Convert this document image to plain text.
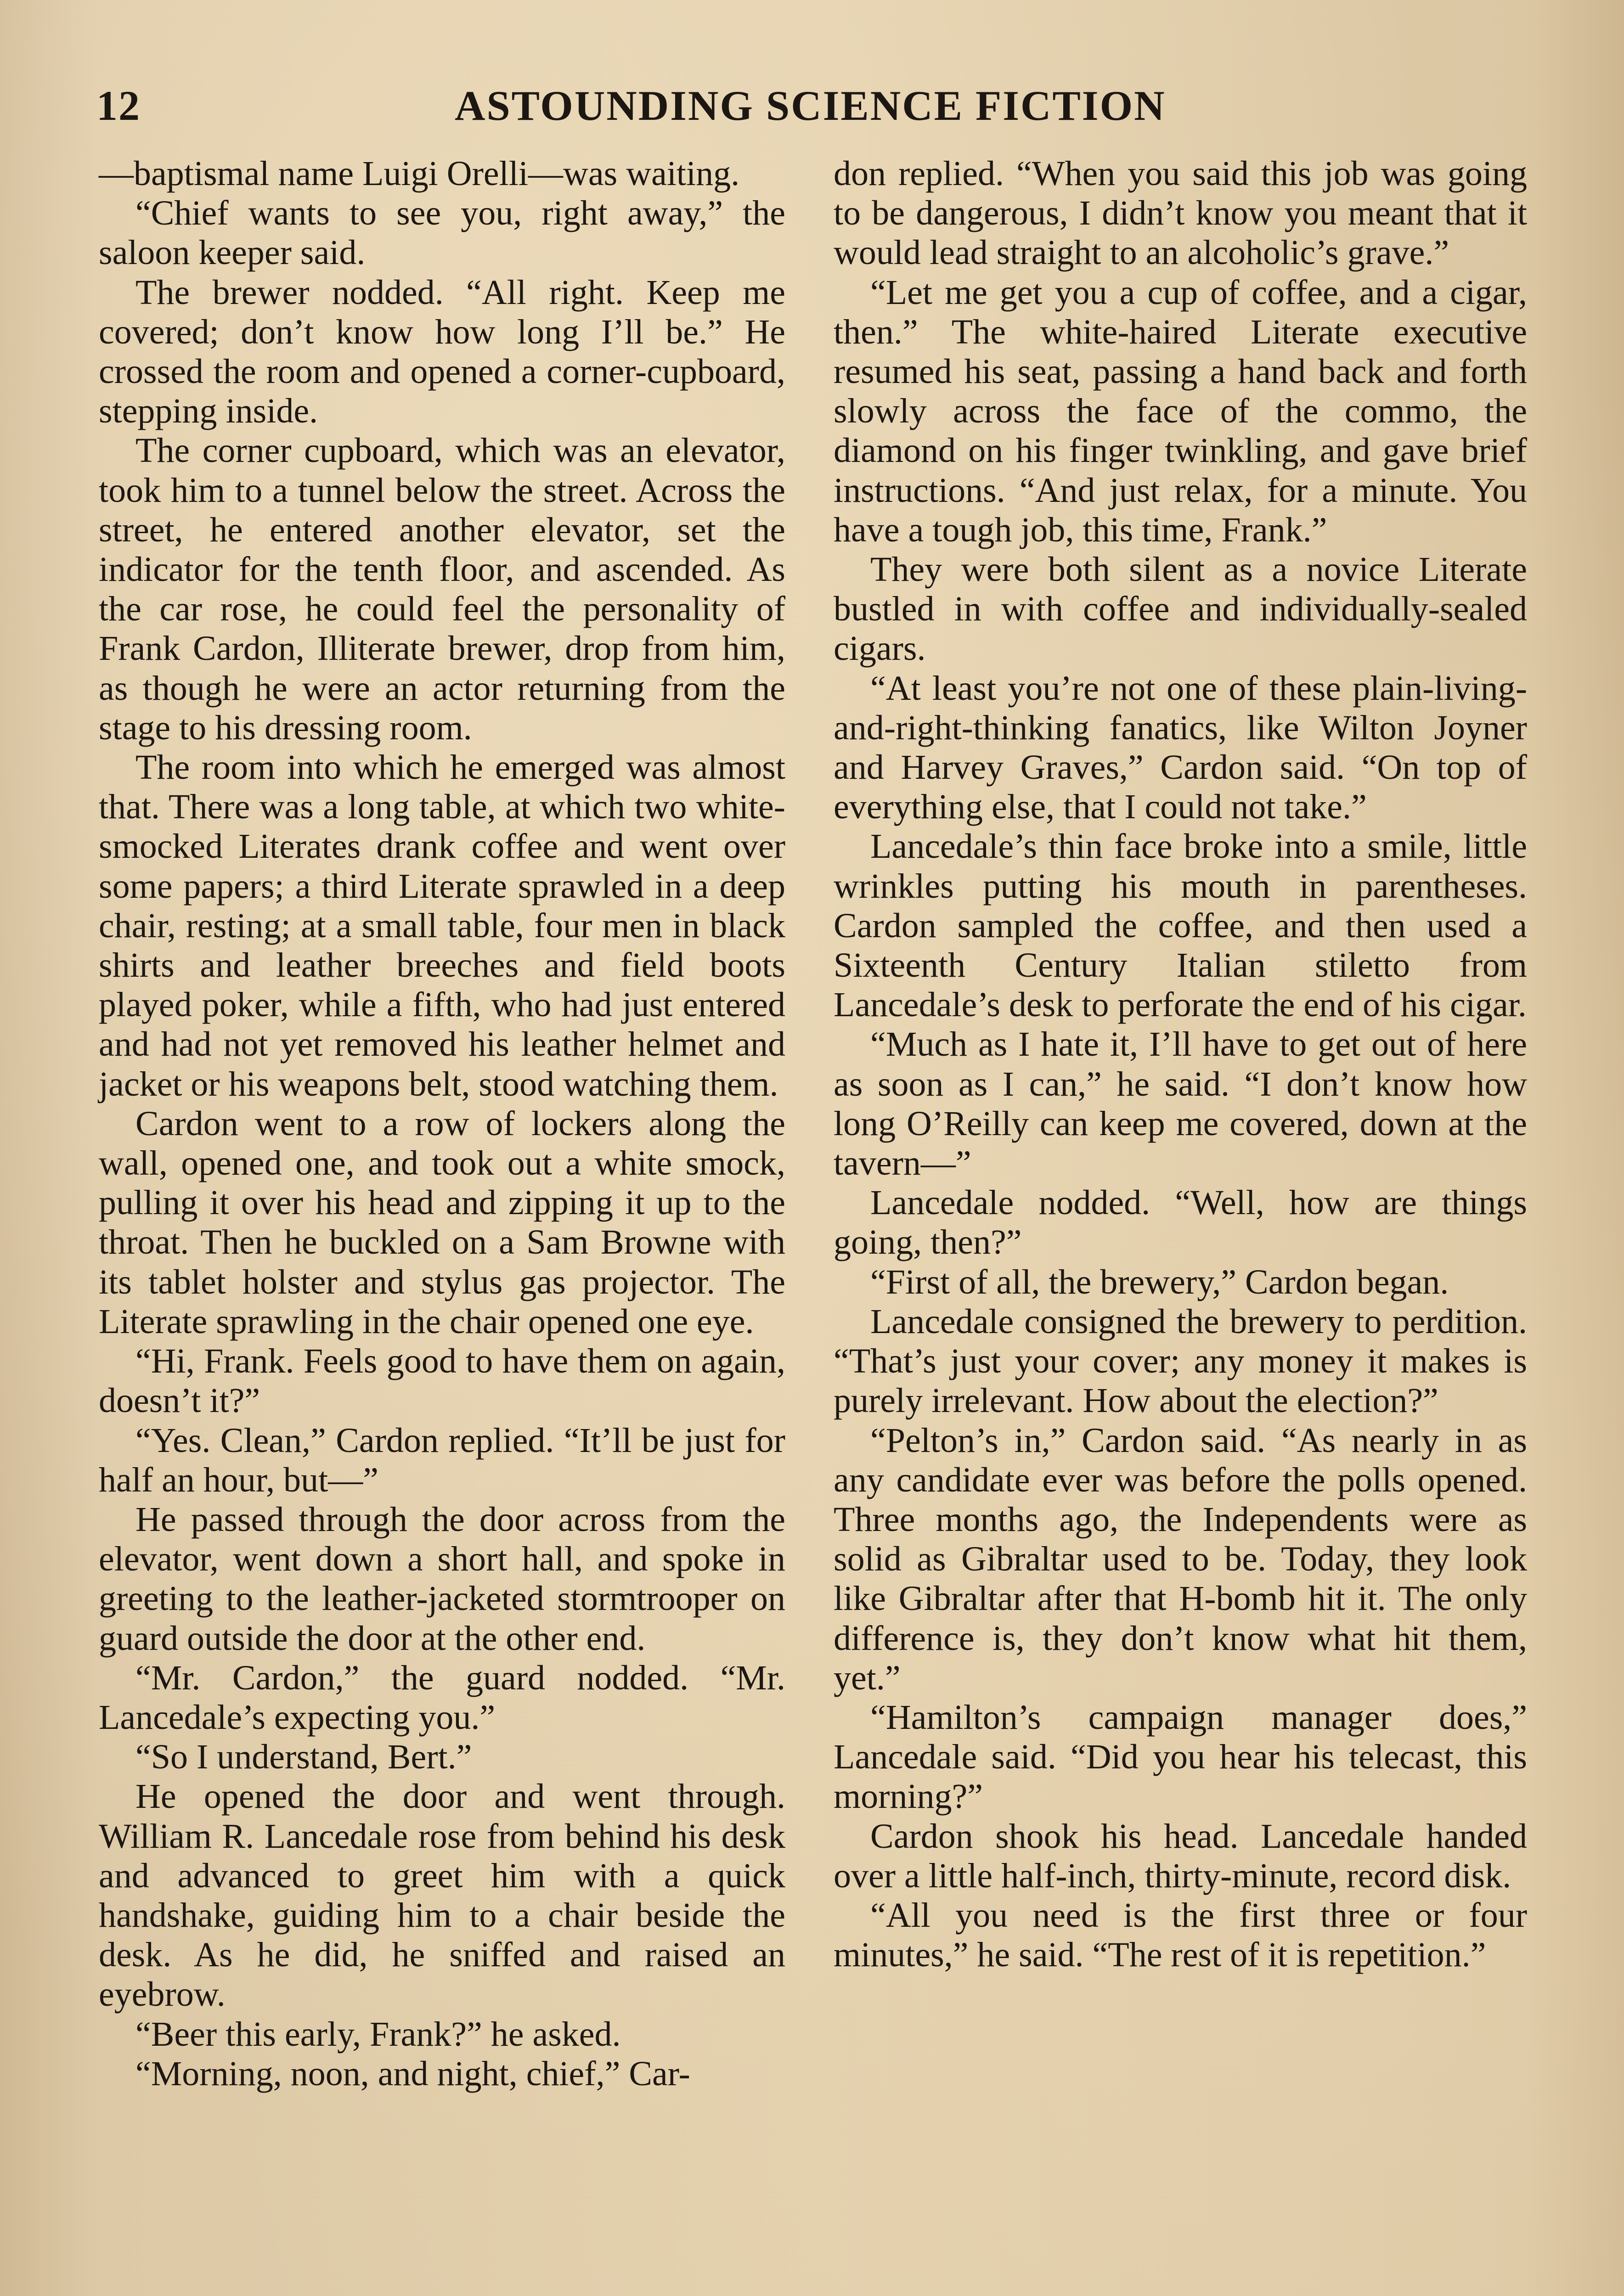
12	ASTOUNDING SCIENCE FICTION

—baptismal name Luigi Orelli—was waiting.

“Chief wants to see you, right away,” the saloon keeper said.

The brewer nodded. “All right. Keep me covered; don’t know how long I’ll be.” He crossed the room and opened a corner-cupboard, stepping inside.

The corner cupboard, which was an elevator, took him to a tunnel below the street. Across the street, he entered another elevator, set the indicator for the tenth floor, and ascended. As the car rose, he could feel the personality of Frank Cardon, Illiterate brewer, drop from him, as though he were an actor returning from the stage to his dressing room.

The room into which he emerged was almost that. There was a long table, at which two white-smocked Literates drank coffee and went over some papers; a third Literate sprawled in a deep chair, resting; at a small table, four men in black shirts and leather breeches and field boots played poker, while a fifth, who had just entered and had not yet removed his leather helmet and jacket or his weapons belt, stood watching them.

Cardon went to a row of lockers along the wall, opened one, and took out a white smock, pulling it over his head and zipping it up to the throat. Then he buckled on a Sam Browne with its tablet holster and stylus gas projector. The Literate sprawling in the chair opened one eye.

“Hi, Frank. Feels good to have them on again, doesn’t it?”

“Yes. Clean,” Cardon replied. “It’ll be just for half an hour, but—”

He passed through the door across from the elevator, went down a short hall, and spoke in greeting to the leather-jacketed stormtrooper on guard outside the door at the other end.

“Mr. Cardon,” the guard nodded. “Mr. Lancedale’s expecting you.”

“So I understand, Bert.”

He opened the door and went through. William R. Lancedale rose from behind his desk and advanced to greet him with a quick handshake, guiding him to a chair beside the desk. As he did, he sniffed and raised an eyebrow.

“Beer this early, Frank?” he asked.

“Morning, noon, and night, chief,” Car-

don replied. “When you said this job was going to be dangerous, I didn’t know you meant that it would lead straight to an alcoholic’s grave.”

“Let me get you a cup of coffee, and a cigar, then.” The white-haired Literate executive resumed his seat, passing a hand back and forth slowly across the face of the commo, the diamond on his finger twinkling, and gave brief instructions. “And just relax, for a minute. You have a tough job, this time, Frank.”

They were both silent as a novice Literate bustled in with coffee and individually-sealed cigars.

“At least you’re not one of these plain-living-and-right-thinking fanatics, like Wilton Joyner and Harvey Graves,” Cardon said. “On top of everything else, that I could not take.”

Lancedale’s thin face broke into a smile, little wrinkles putting his mouth in parentheses. Cardon sampled the coffee, and then used a Sixteenth Century Italian stiletto from Lancedale’s desk to perforate the end of his cigar.

“Much as I hate it, I’ll have to get out of here as soon as I can,” he said. “I don’t know how long O’Reilly can keep me covered, down at the tavern—”

Lancedale nodded. “Well, how are things going, then?”

“First of all, the brewery,” Cardon began.

Lancedale consigned the brewery to perdition. “That’s just your cover; any money it makes is purely irrelevant. How about the election?”

“Pelton’s in,” Cardon said. “As nearly in as any candidate ever was before the polls opened. Three months ago, the Independents were as solid as Gibraltar used to be. Today, they look like Gibraltar after that H-bomb hit it. The only difference is, they don’t know what hit them, yet.”

“Hamilton’s campaign manager does,” Lancedale said. “Did you hear his telecast, this morning?”

Cardon shook his head. Lancedale handed over a little half-inch, thirty-minute, record disk.

“All you need is the first three or four minutes,” he said. “The rest of it is repetition.”
